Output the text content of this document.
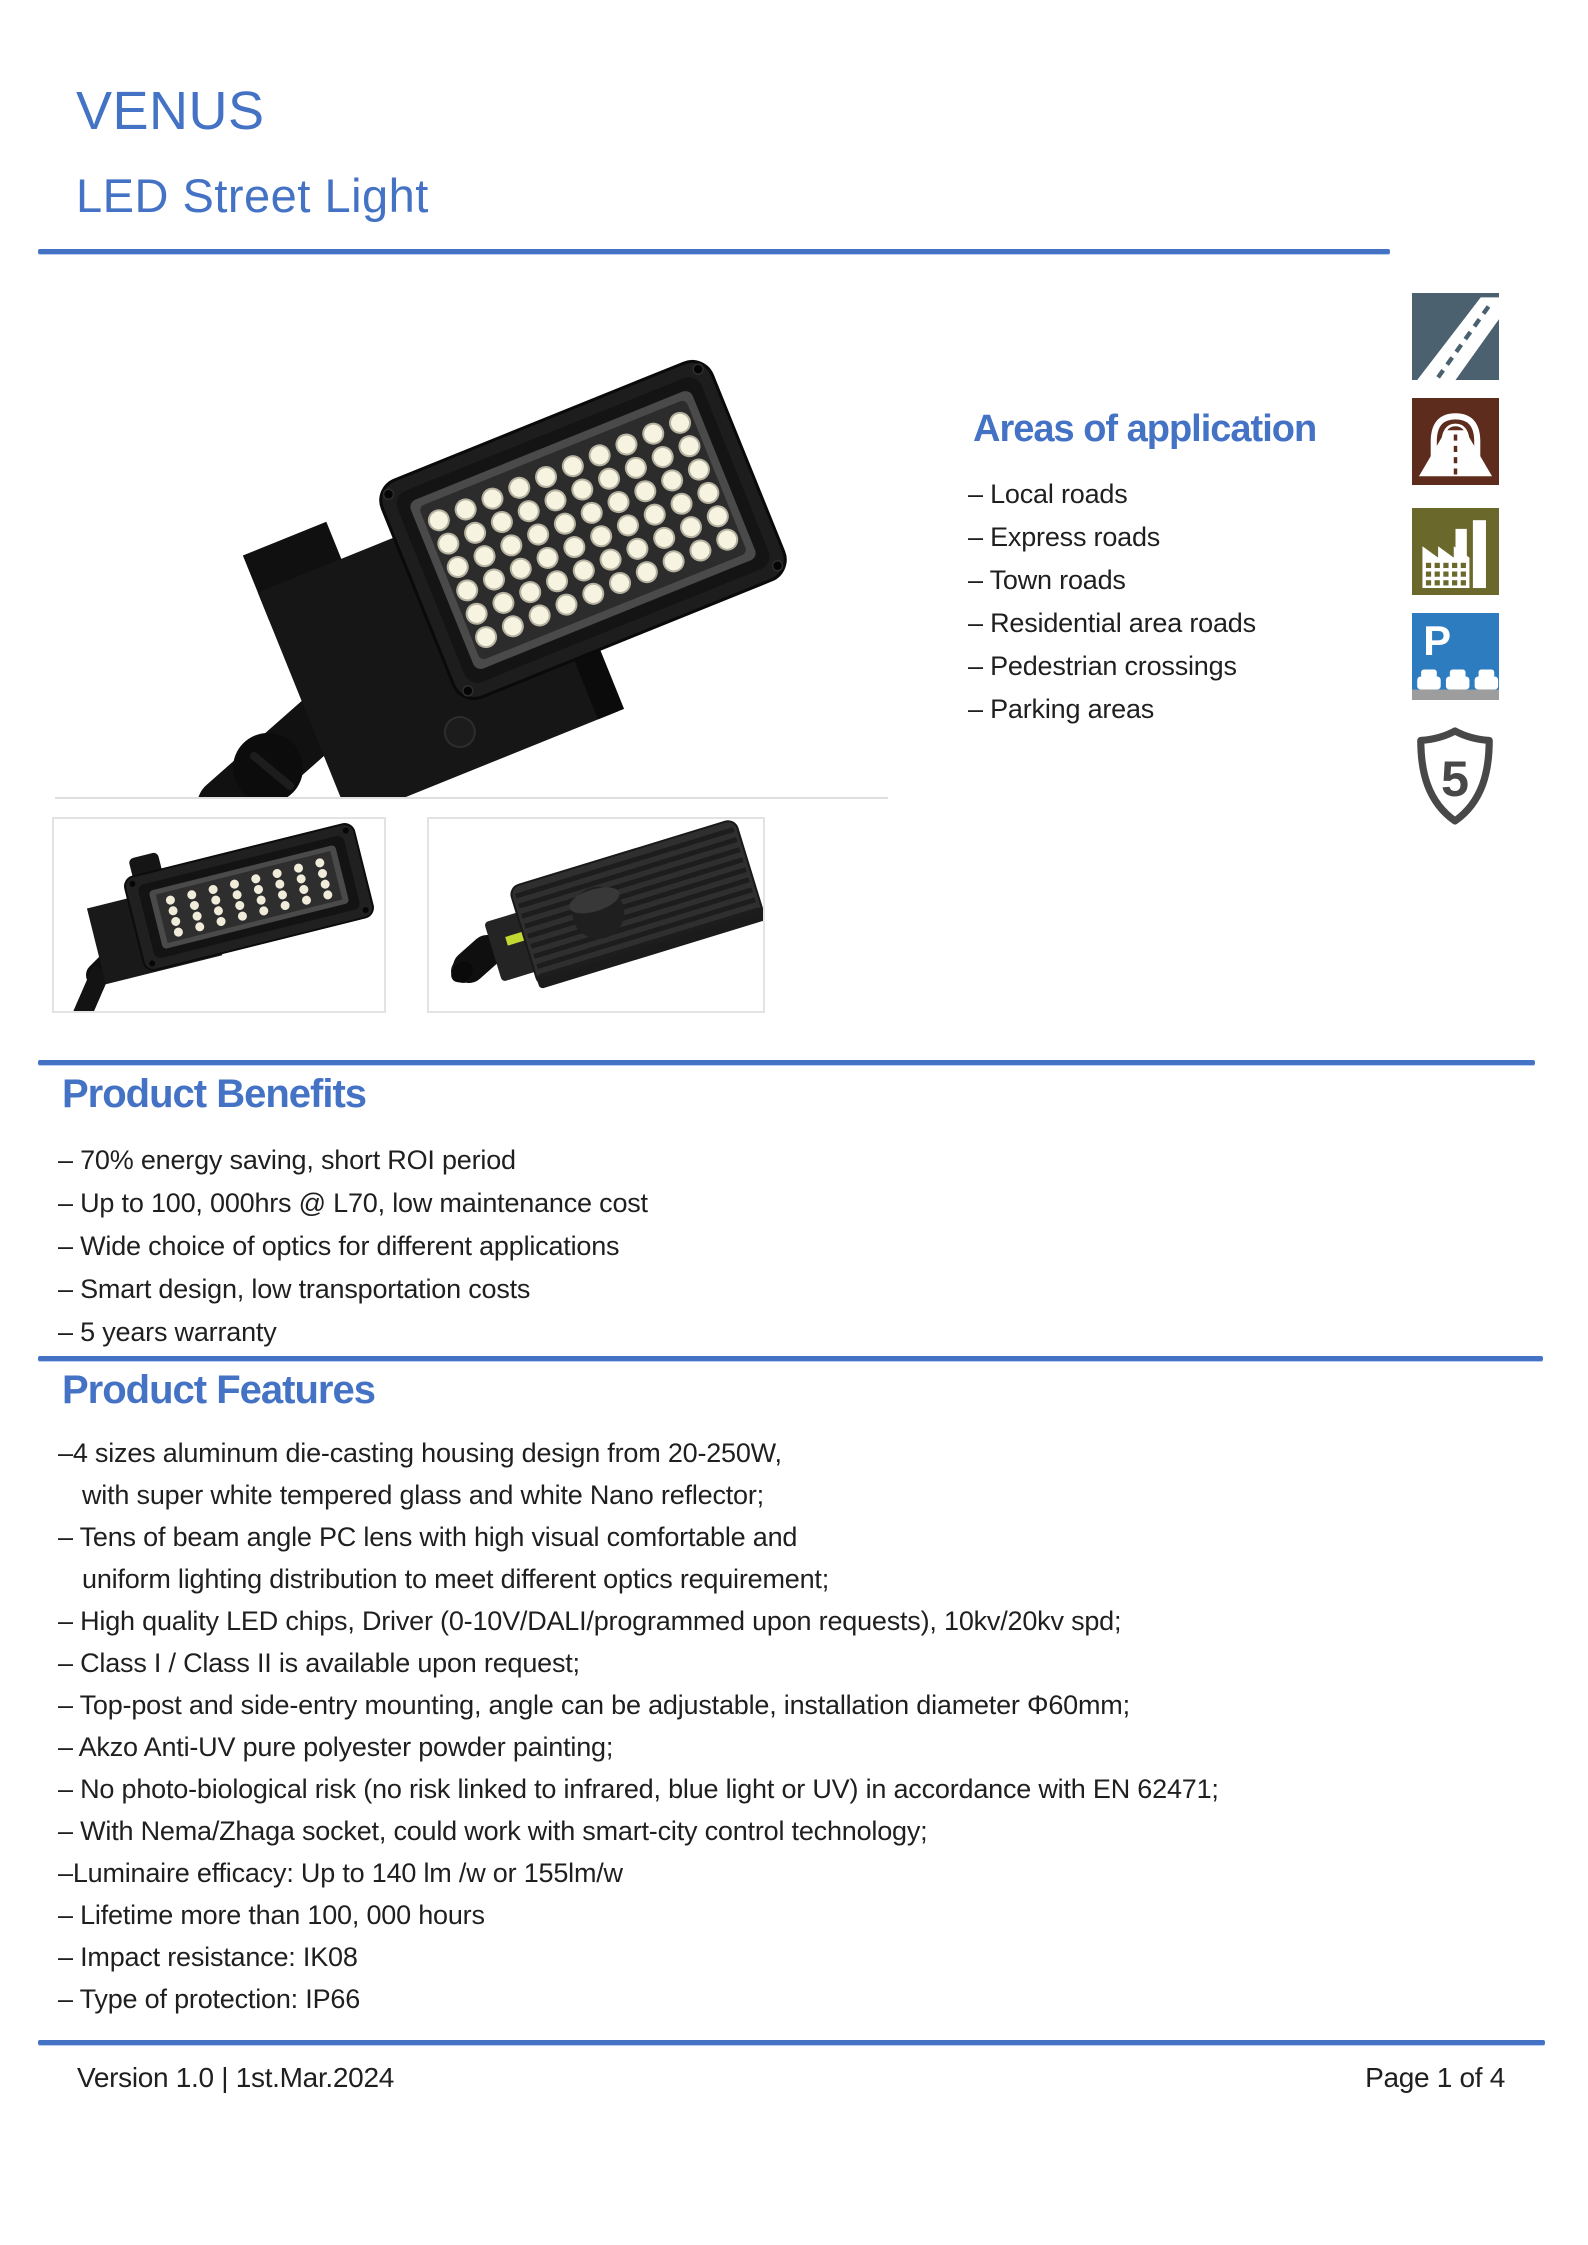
VENUS
LED Street Light
Areas of application
– Local roads
– Express roads
– Town roads
– Residential area roads
– Pedestrian crossings
– Parking areas
P
5
Product Benefits
– 70% energy saving, short ROI period
– Up to 100, 000hrs @ L70, low maintenance cost
– Wide choice of optics for different applications
– Smart design, low transportation costs
– 5 years warranty
Product Features
–4 sizes aluminum die-casting housing design from 20-250W,
with super white tempered glass and white Nano reflector;
– Tens of beam angle PC lens with high visual comfortable and
uniform lighting distribution to meet different optics requirement;
– High quality LED chips, Driver (0-10V/DALI/programmed upon requests), 10kv/20kv spd;
– Class I / Class II is available upon request;
– Top-post and side-entry mounting, angle can be adjustable, installation diameter Φ60mm;
– Akzo Anti-UV pure polyester powder painting;
– No photo-biological risk (no risk linked to infrared, blue light or UV) in accordance with EN 62471;
– With Nema/Zhaga socket, could work with smart-city control technology;
–Luminaire efficacy: Up to 140 lm /w or 155lm/w
– Lifetime more than 100, 000 hours
– Impact resistance: IK08
– Type of protection: IP66
Version 1.0 | 1st.Mar.2024	Page 1 of 4
